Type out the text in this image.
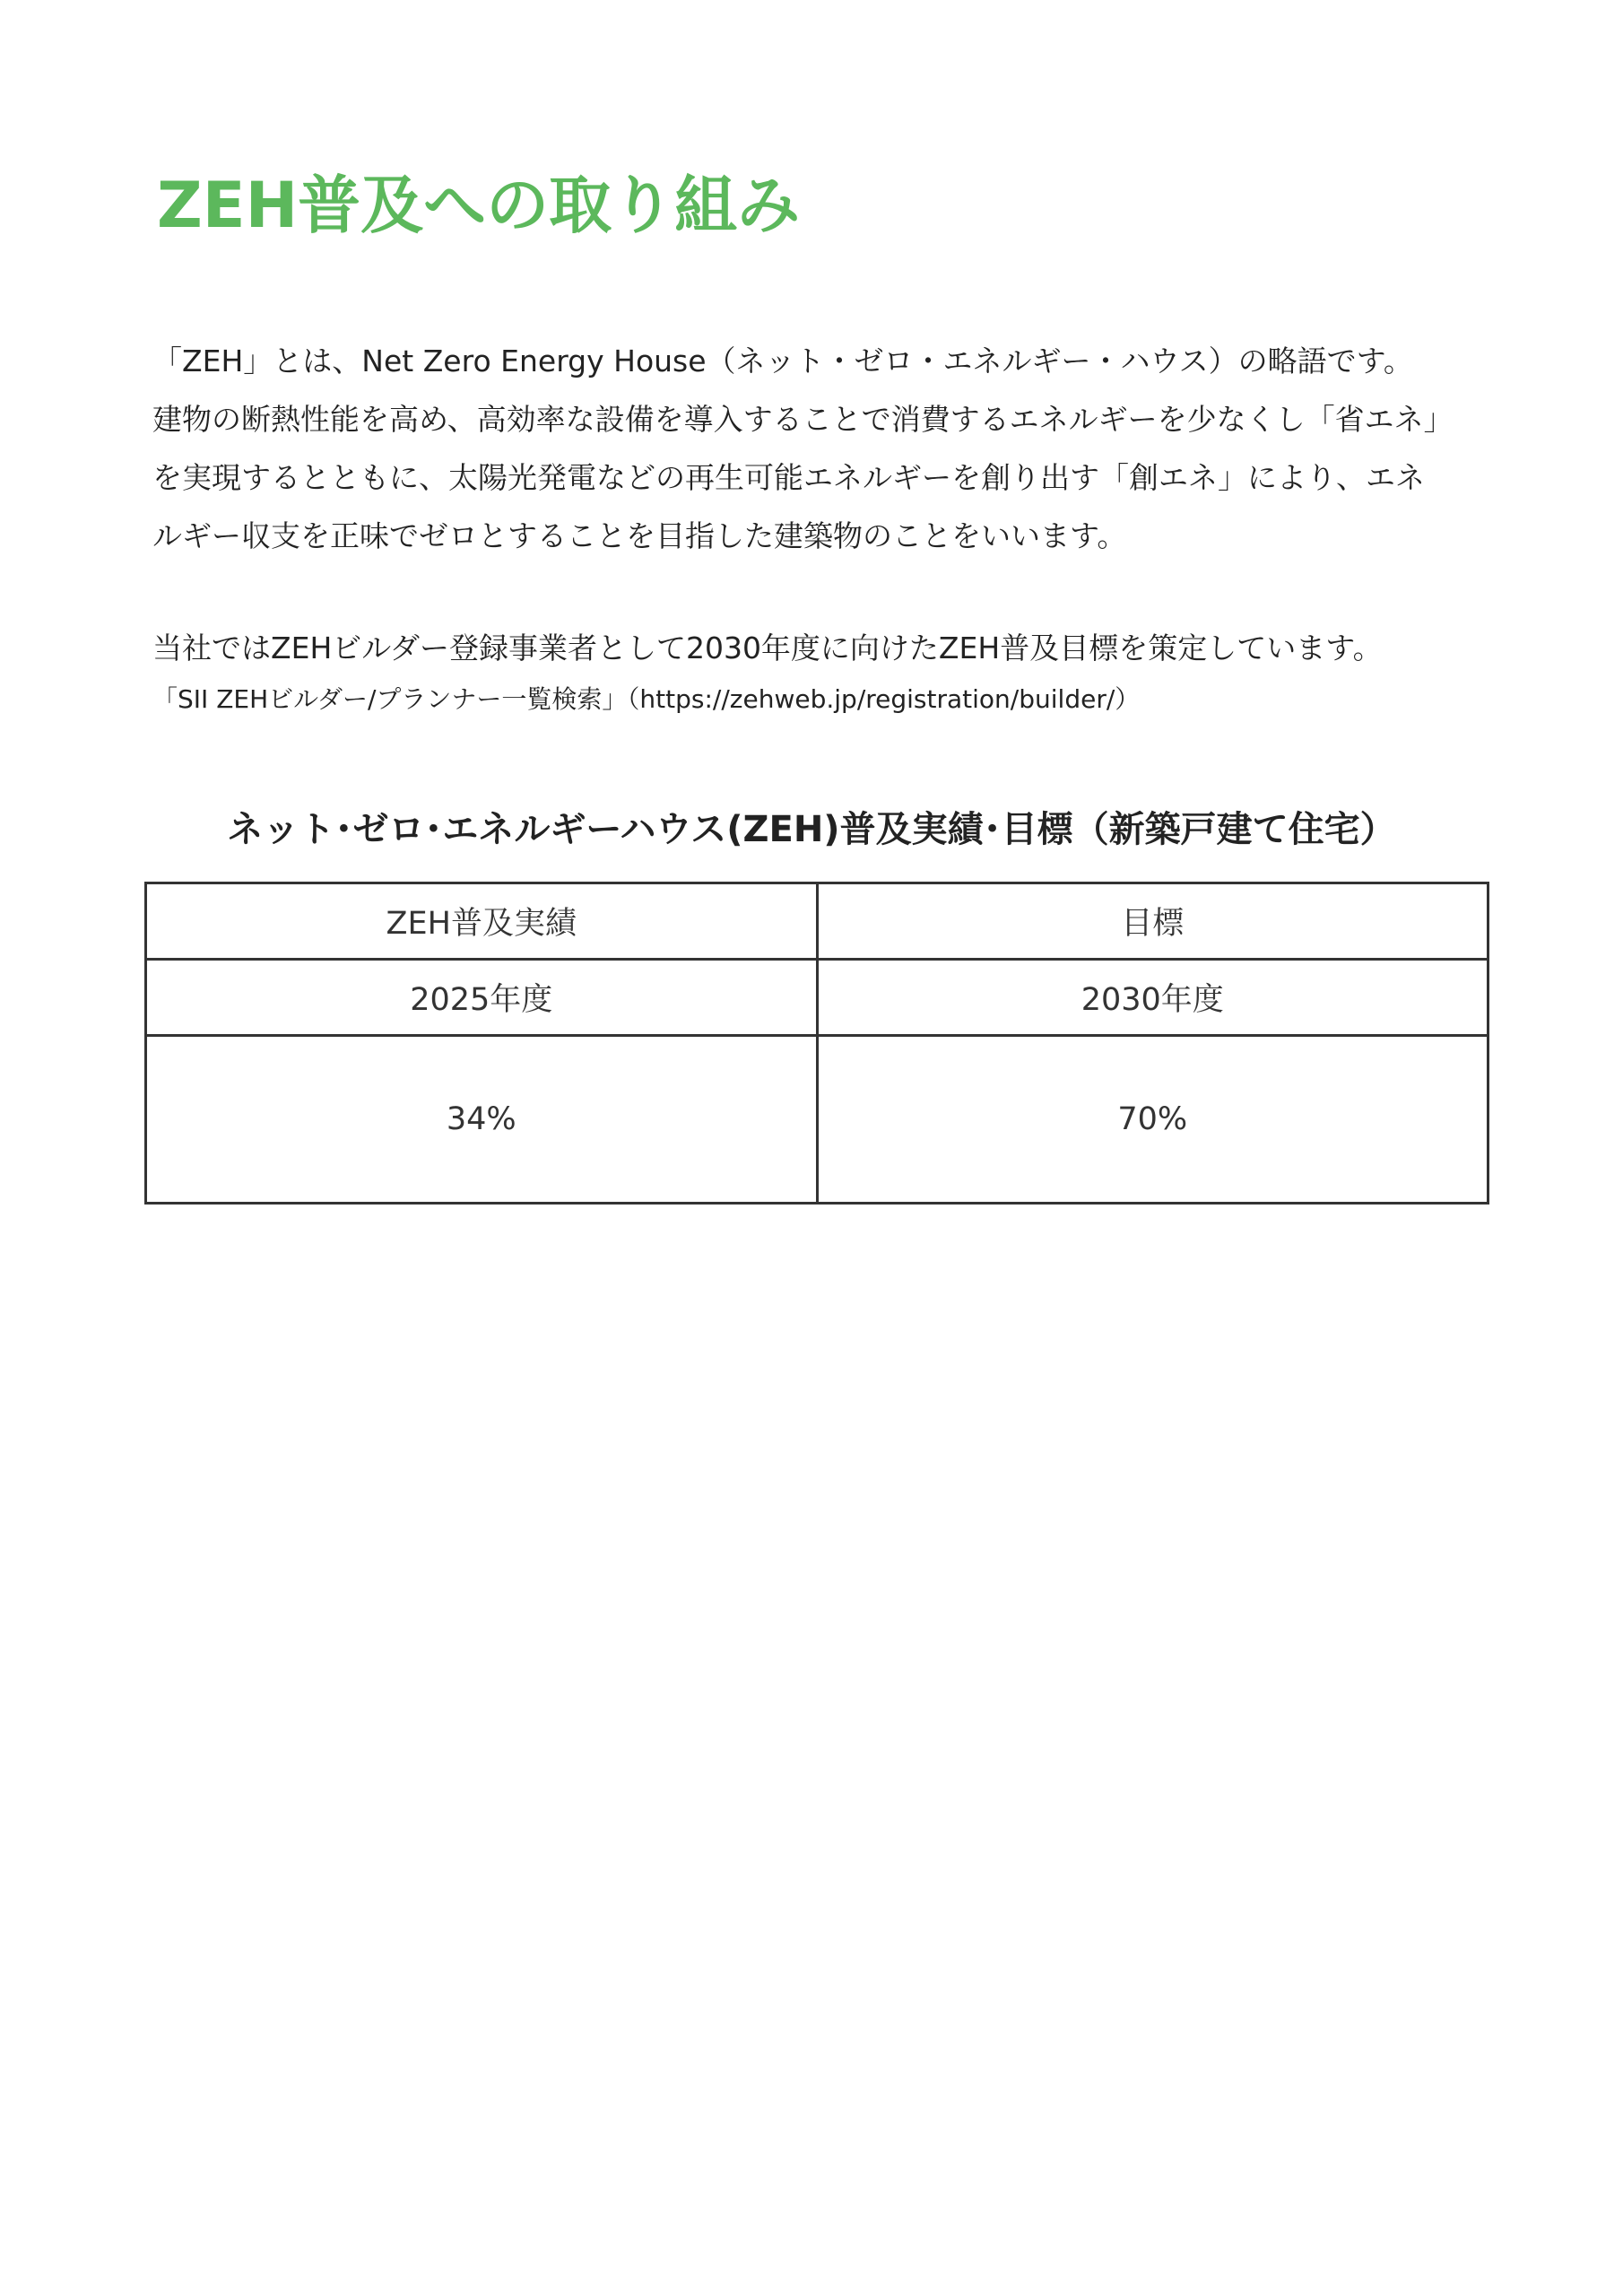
ZEH普及への取り組み
「ZEH」とは、Net Zero Energy House（ネット・ゼロ・エネルギー・ハウス）の略語です。
建物の断熱性能を高め、高効率な設備を導入することで消費するエネルギーを少なくし「省エネ」
を実現するとともに、太陽光発電などの再生可能エネルギーを創り出す「創エネ」により、エネ
ルギー収支を正味でゼロとすることを目指した建築物のことをいいます。
当社ではZEHビルダー登録事業者として2030年度に向けたZEH普及目標を策定しています。
「SII ZEHビルダー/プランナー一覧検索」（https://zehweb.jp/registration/builder/）
ネット･ゼロ･エネルギーハウス(ZEH)普及実績･目標（新築戸建て住宅）
ZEH普及実績	目標
2025年度	2030年度
34%	70%
